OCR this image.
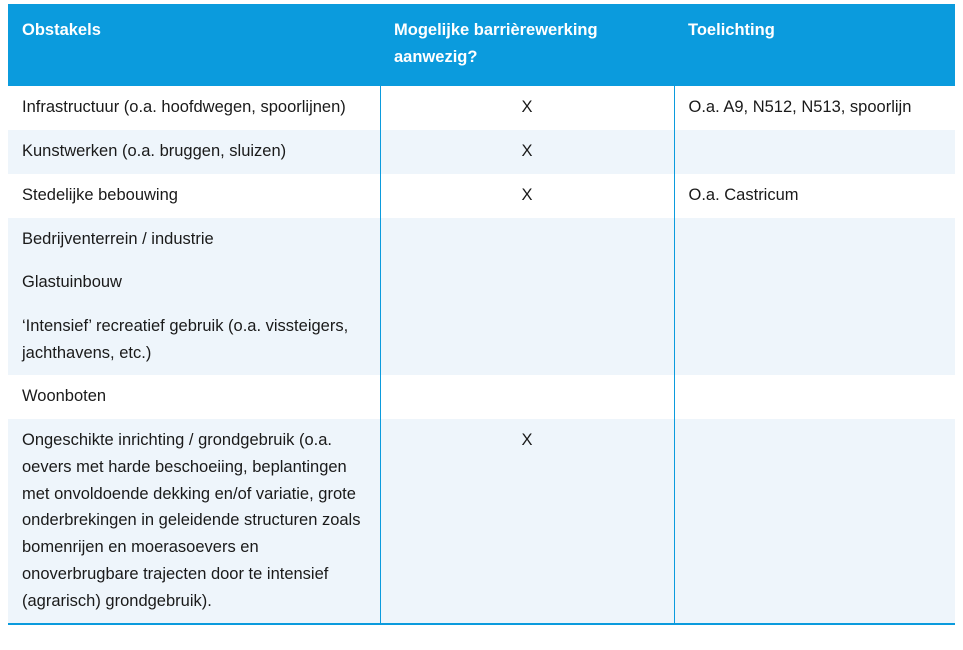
Obstakels	Mogelijke barrièrewerking aanwezig?	Toelichting
Infrastructuur (o.a. hoofdwegen, spoorlijnen)	X	O.a. A9, N512, N513, spoorlijn
Kunstwerken (o.a. bruggen, sluizen)	X	
Stedelijke bebouwing	X	O.a. Castricum
Bedrijventerrein / industrie		
Glastuinbouw		
‘Intensief’ recreatief gebruik (o.a. vissteigers, jachthavens, etc.)		
Woonboten		
Ongeschikte inrichting / grondgebruik (o.a. oevers met harde beschoeiing, beplantingen met onvoldoende dekking en/of variatie, grote onderbrekingen in geleidende structuren zoals bomenrijen en moerasoevers en onoverbrugbare trajecten door te intensief (agrarisch) grondgebruik).	X	
